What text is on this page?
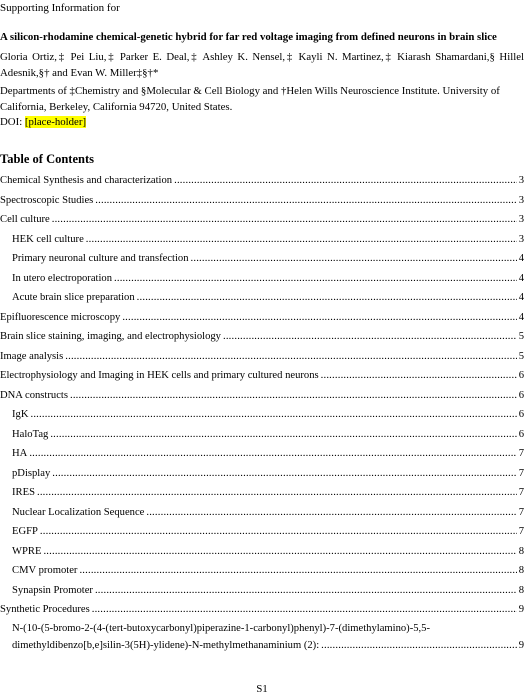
Supporting Information for
A silicon-rhodamine chemical-genetic hybrid for far red voltage imaging from defined neurons in brain slice
Gloria Ortiz,‡ Pei Liu,‡ Parker E. Deal,‡ Ashley K. Nensel,‡ Kayli N. Martinez,‡ Kiarash Shamardani,§ Hillel Adesnik,§† and Evan W. Miller‡§†*
Departments of ‡Chemistry and §Molecular & Cell Biology and †Helen Wills Neuroscience Institute. University of California, Berkeley, California 94720, United States.
DOI: [place-holder]
Table of Contents
Chemical Synthesis and characterization .....	3
Spectroscopic Studies .....	3
Cell culture .....	3
HEK cell culture .....	3
Primary neuronal culture and transfection .....	4
In utero electroporation .....	4
Acute brain slice preparation .....	4
Epifluorescence microscopy .....	4
Brain slice staining, imaging, and electrophysiology .....	5
Image analysis .....	5
Electrophysiology and Imaging in HEK cells and primary cultured neurons .....	6
DNA constructs .....	6
IgK .....	6
HaloTag .....	6
HA .....	7
pDisplay .....	7
IRES .....	7
Nuclear Localization Sequence .....	7
EGFP .....	7
WPRE .....	8
CMV promoter .....	8
Synapsin Promoter .....	8
Synthetic Procedures .....	9
N-(10-(5-bromo-2-(4-(tert-butoxycarbonyl)piperazine-1-carbonyl)phenyl)-7-(dimethylamino)-5,5-
dimethyldibenzo[b,e]silin-3(5H)-ylidene)-N-methylmethanaminium (2): .....	9
S1
